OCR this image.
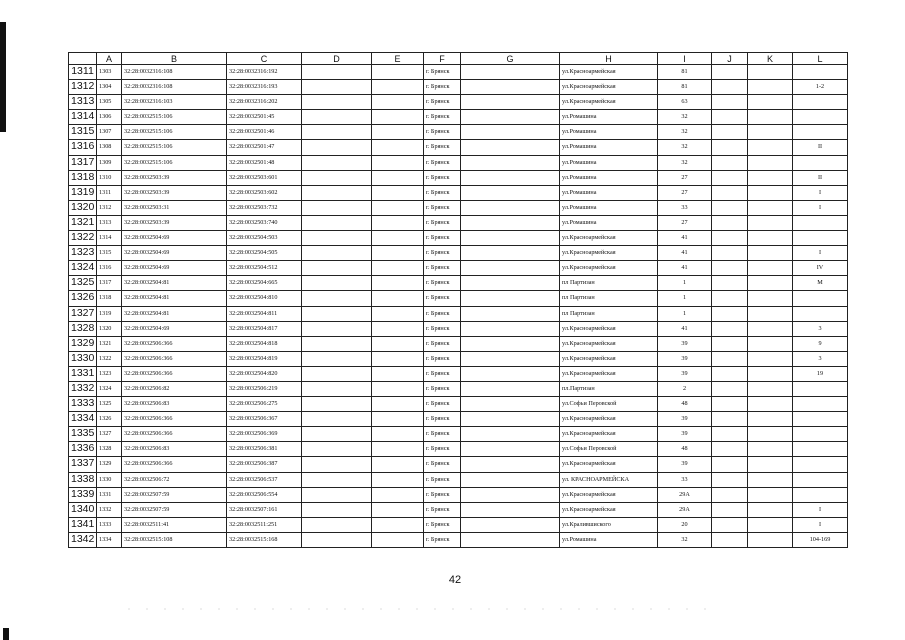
	A	B	C	D	E	F	G	H	I	J	K	L
1311	1303	32:28:0032316:108	32:28:0032316:192			г. Брянск		ул.Красноармейская	81			
1312	1304	32:28:0032316:108	32:28:0032316:193			г. Брянск		ул.Красноармейская	81			1-2
1313	1305	32:28:0032316:103	32:28:0032316:202			г. Брянск		ул.Красноармейская	63			
1314	1306	32:28:0032515:106	32:28:0032501:45			г. Брянск		ул.Ромашина	32			
1315	1307	32:28:0032515:106	32:28:0032501:46			г. Брянск		ул.Ромашина	32			
1316	1308	32:28:0032515:106	32:28:0032501:47			г. Брянск		ул.Ромашина	32			II
1317	1309	32:28:0032515:106	32:28:0032501:48			г. Брянск		ул.Ромашина	32			
1318	1310	32:28:0032503:39	32:28:0032503:601			г. Брянск		ул.Ромашина	27			II
1319	1311	32:28:0032503:39	32:28:0032503:602			г. Брянск		ул.Ромашина	27			I
1320	1312	32:28:0032503:31	32:28:0032503:732			г. Брянск		ул.Ромашина	33			I
1321	1313	32:28:0032503:39	32:28:0032503:740			г. Брянск		ул.Ромашина	27			
1322	1314	32:28:0032504:69	32:28:0032504:503			г. Брянск		ул.Красноармейская	41			
1323	1315	32:28:0032504:69	32:28:0032504:505			г. Брянск		ул.Красноармейская	41			I
1324	1316	32:28:0032504:69	32:28:0032504:512			г. Брянск		ул.Красноармейская	41			IV
1325	1317	32:28:0032504:81	32:28:0032504:665			г. Брянск		пл Партизан	1			М
1326	1318	32:28:0032504:81	32:28:0032504:810			г. Брянск		пл Партизан	1			
1327	1319	32:28:0032504:81	32:28:0032504:811			г. Брянск		пл Партизан	1			
1328	1320	32:28:0032504:69	32:28:0032504:817			г. Брянск		ул.Красноармейская	41			3
1329	1321	32:28:0032506:366	32:28:0032504:818			г. Брянск		ул.Красноармейская	39			9
1330	1322	32:28:0032506:366	32:28:0032504:819			г. Брянск		ул.Красноармейская	39			3
1331	1323	32:28:0032506:366	32:28:0032504:820			г. Брянск		ул.Красноармейская	39			19
1332	1324	32:28:0032506:82	32:28:0032506:219			г. Брянск		пл.Партизан	2			
1333	1325	32:28:0032506:83	32:28:0032506:275			г. Брянск		ул.Софьи Перовской	48			
1334	1326	32:28:0032506:366	32:28:0032506:367			г. Брянск		ул.Красноармейская	39			
1335	1327	32:28:0032506:366	32:28:0032506:369			г. Брянск		ул.Красноармейская	39			
1336	1328	32:28:0032506:83	32:28:0032506:381			г. Брянск		ул.Софьи Перовской	48			
1337	1329	32:28:0032506:366	32:28:0032506:387			г. Брянск		ул.Красноармейская	39			
1338	1330	32:28:0032506:72	32:28:0032506:537			г. Брянск		ул. КРАСНОАРМЕЙСКА	33			
1339	1331	32:28:0032507:59	32:28:0032506:554			г. Брянск		ул.Красноармейская	29А			
1340	1332	32:28:0032507:59	32:28:0032507:161			г. Брянск		ул.Красноармейская	29А			I
1341	1333	32:28:0032511:41	32:28:0032511:251			г. Брянск		ул.Кралившиского	20			I
1342	1334	32:28:0032515:108	32:28:0032515:168			г. Брянск		ул.Ромашина	32			104-169
42
